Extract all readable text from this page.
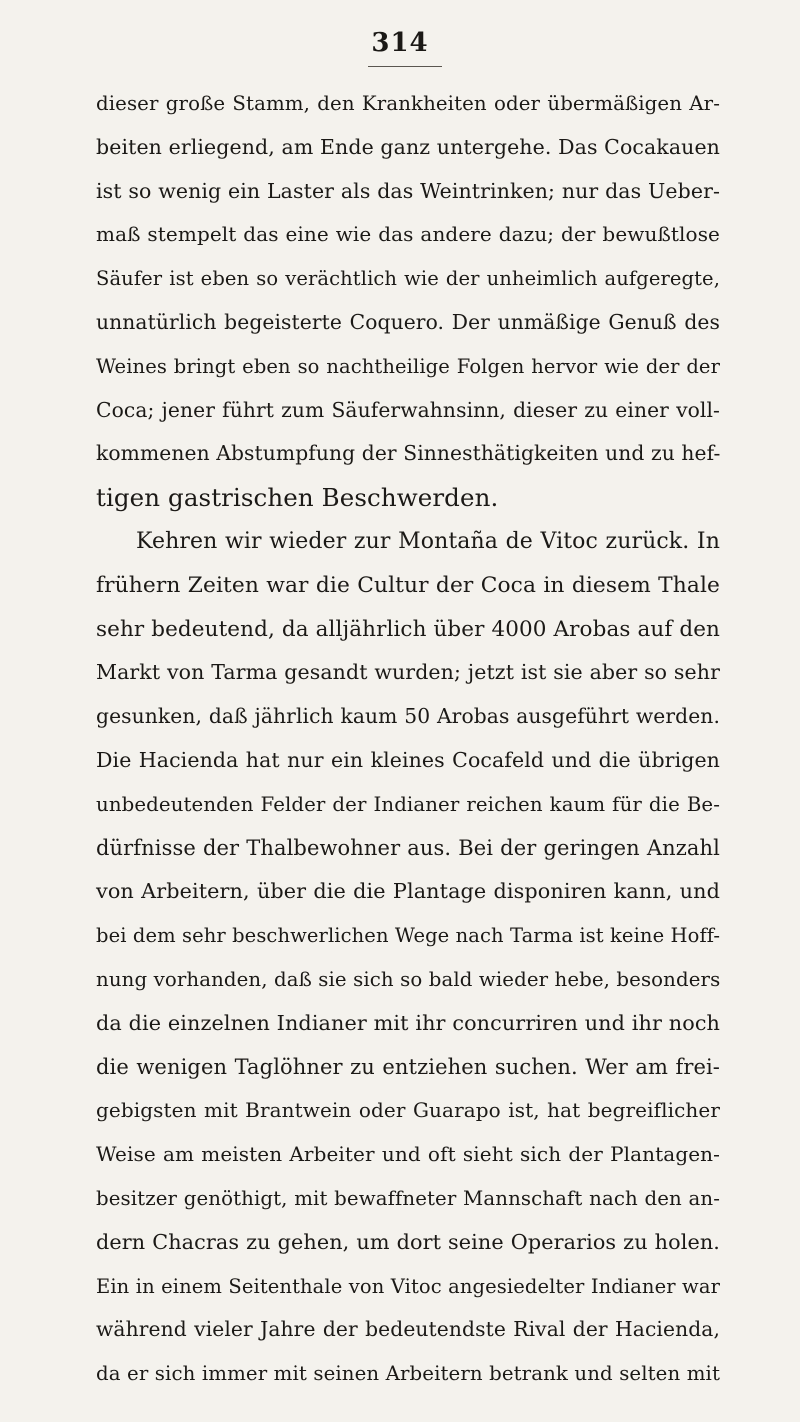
314
dieser große Stamm, den Krankheiten oder übermäßigen Ar-
beiten erliegend, am Ende ganz untergehe. Das Cocakauen
ist so wenig ein Laster als das Weintrinken; nur das Ueber-
maß stempelt das eine wie das andere dazu; der bewußtlose
Säufer ist eben so verächtlich wie der unheimlich aufgeregte,
unnatürlich begeisterte Coquero. Der unmäßige Genuß des
Weines bringt eben so nachtheilige Folgen hervor wie der der
Coca; jener führt zum Säuferwahnsinn, dieser zu einer voll-
kommenen Abstumpfung der Sinnesthätigkeiten und zu hef-
tigen gastrischen Beschwerden.
Kehren wir wieder zur Montaña de Vitoc zurück. In
frühern Zeiten war die Cultur der Coca in diesem Thale
sehr bedeutend, da alljährlich über 4000 Arobas auf den
Markt von Tarma gesandt wurden; jetzt ist sie aber so sehr
gesunken, daß jährlich kaum 50 Arobas ausgeführt werden.
Die Hacienda hat nur ein kleines Cocafeld und die übrigen
unbedeutenden Felder der Indianer reichen kaum für die Be-
dürfnisse der Thalbewohner aus. Bei der geringen Anzahl
von Arbeitern, über die die Plantage disponiren kann, und
bei dem sehr beschwerlichen Wege nach Tarma ist keine Hoff-
nung vorhanden, daß sie sich so bald wieder hebe, besonders
da die einzelnen Indianer mit ihr concurriren und ihr noch
die wenigen Taglöhner zu entziehen suchen. Wer am frei-
gebigsten mit Brantwein oder Guarapo ist, hat begreiflicher
Weise am meisten Arbeiter und oft sieht sich der Plantagen-
besitzer genöthigt, mit bewaffneter Mannschaft nach den an-
dern Chacras zu gehen, um dort seine Operarios zu holen.
Ein in einem Seitenthale von Vitoc angesiedelter Indianer war
während vieler Jahre der bedeutendste Rival der Hacienda,
da er sich immer mit seinen Arbeitern betrank und selten mit
